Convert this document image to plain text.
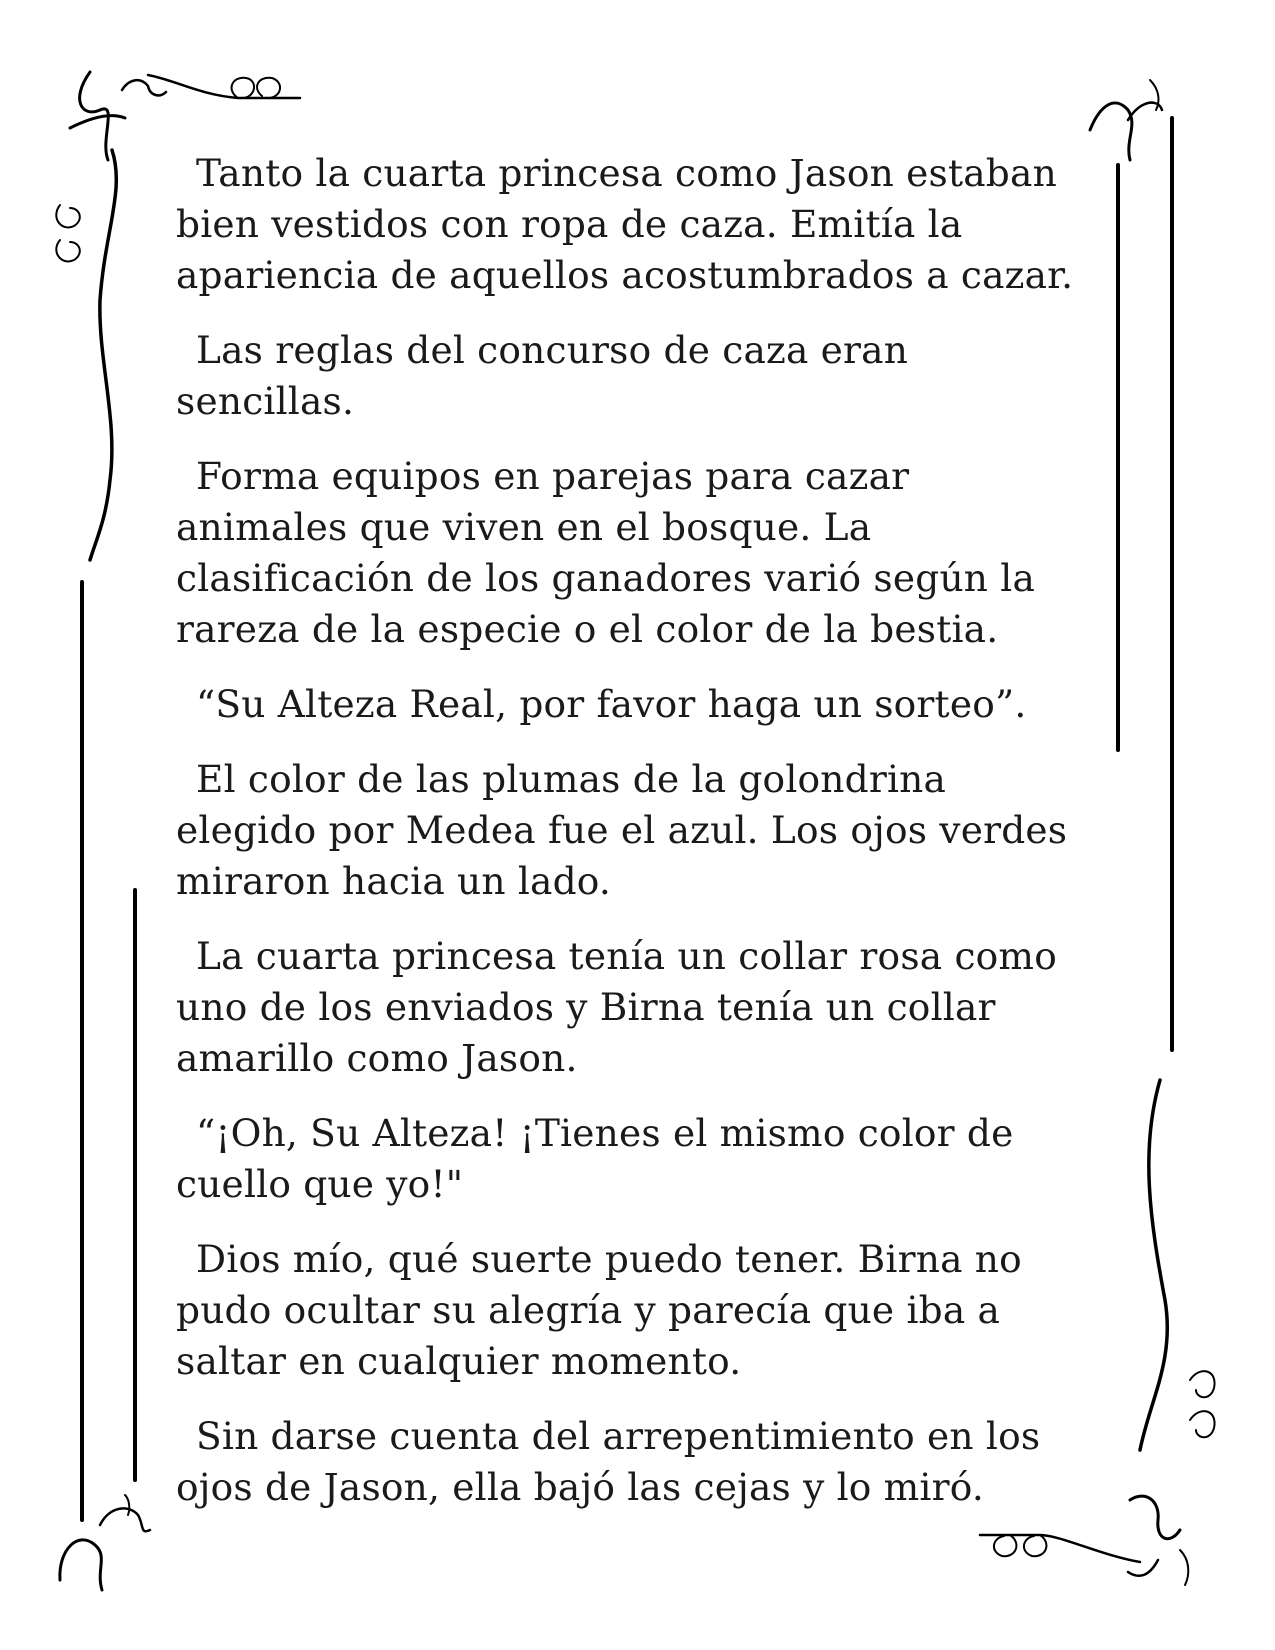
Tanto la cuarta princesa como Jason estaban bien vestidos con ropa de caza. Emitía la apariencia de aquellos acostumbrados a cazar.

Las reglas del concurso de caza eran sencillas.

Forma equipos en parejas para cazar animales que viven en el bosque. La clasificación de los ganadores varió según la rareza de la especie o el color de la bestia.

“Su Alteza Real, por favor haga un sorteo”.

El color de las plumas de la golondrina elegido por Medea fue el azul. Los ojos verdes miraron hacia un lado.

La cuarta princesa tenía un collar rosa como uno de los enviados y Birna tenía un collar amarillo como Jason.

“¡Oh, Su Alteza! ¡Tienes el mismo color de cuello que yo!"

Dios mío, qué suerte puedo tener. Birna no pudo ocultar su alegría y parecía que iba a saltar en cualquier momento.

Sin darse cuenta del arrepentimiento en los ojos de Jason, ella bajó las cejas y lo miró.
